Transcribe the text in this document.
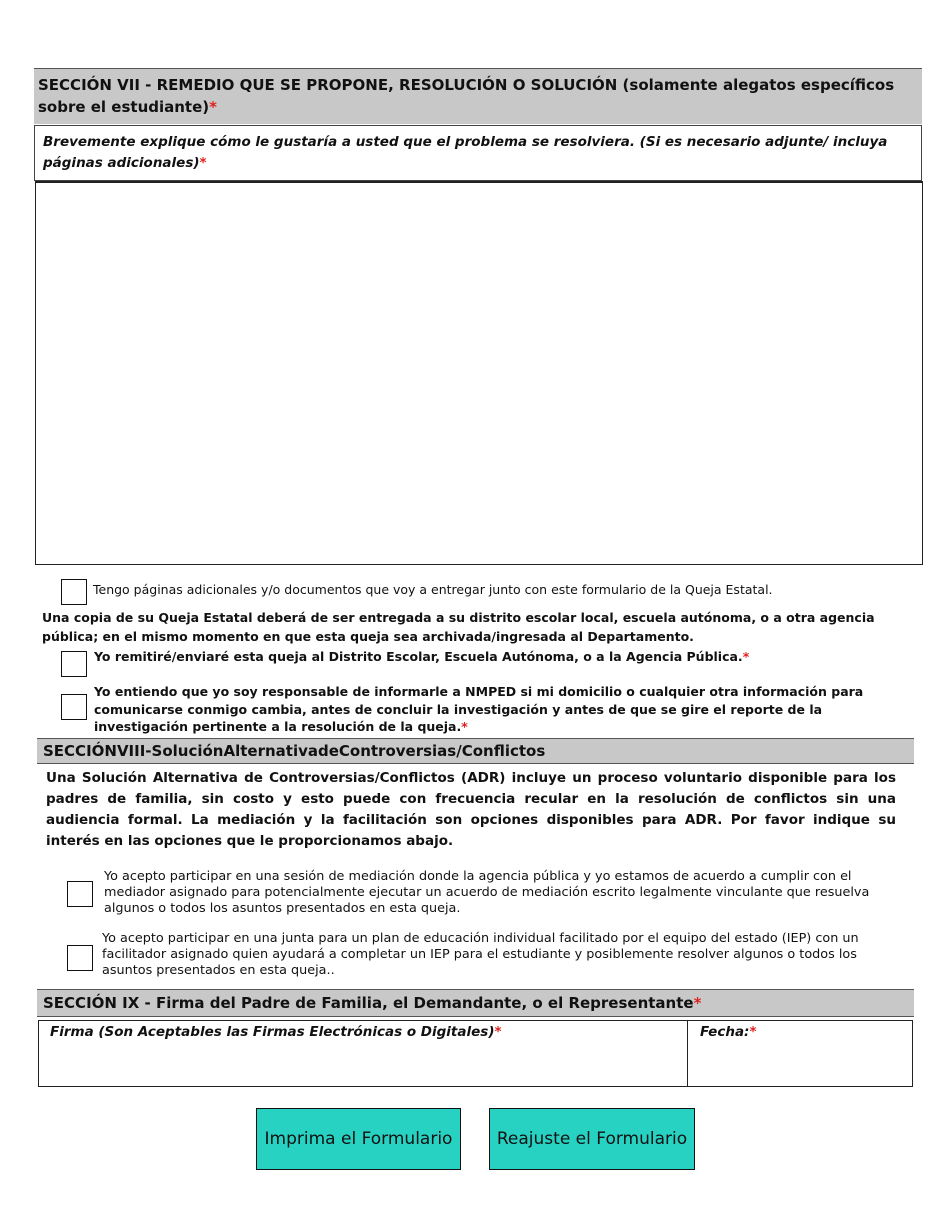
SECCIÓN VII - REMEDIO QUE SE PROPONE, RESOLUCIÓN O SOLUCIÓN (solamente alegatos específicos sobre el estudiante)*
Brevemente explique cómo le gustaría a usted que el problema se resolviera. (Si es necesario adjunte/ incluya páginas adicionales)*
Tengo páginas adicionales y/o documentos que voy a entregar junto con este formulario de la Queja Estatal.
Una copia de su Queja Estatal deberá de ser entregada a su distrito escolar local, escuela autónoma, o a otra agencia pública; en el mismo momento en que esta queja sea archivada/ingresada al Departamento.
Yo remitiré/enviaré esta queja al Distrito Escolar, Escuela Autónoma, o a la Agencia Pública.*
Yo entiendo que yo soy responsable de informarle a NMPED si mi domicilio o cualquier otra información para comunicarse conmigo cambia, antes de concluir la investigación y antes de que se gire el reporte de la investigación pertinente a la resolución de la queja.*
SECCIÓNVIII-SoluciónAlternativadeControversias/Conflictos
Una Solución Alternativa de Controversias/Conflictos (ADR) incluye un proceso voluntario disponible para los padres de familia, sin costo y esto puede con frecuencia recular en la resolución de conflictos sin una audiencia formal. La mediación y la facilitación son opciones disponibles para ADR. Por favor indique su interés en las opciones que le proporcionamos abajo.
Yo acepto participar en una sesión de mediación donde la agencia pública y yo estamos de acuerdo a cumplir con el mediador asignado para potencialmente ejecutar un acuerdo de mediación escrito legalmente vinculante que resuelva algunos o todos los asuntos presentados en esta queja.
Yo acepto participar en una junta para un plan de educación individual facilitado por el equipo del estado (IEP) con un facilitador asignado quien ayudará a completar un IEP para el estudiante y posiblemente resolver algunos o todos los asuntos presentados en esta queja..
SECCIÓN IX - Firma del Padre de Familia, el Demandante, o el Representante*
Firma (Son Aceptables las Firmas Electrónicas o Digitales)*	Fecha:*
Imprima el Formulario	Reajuste el Formulario
